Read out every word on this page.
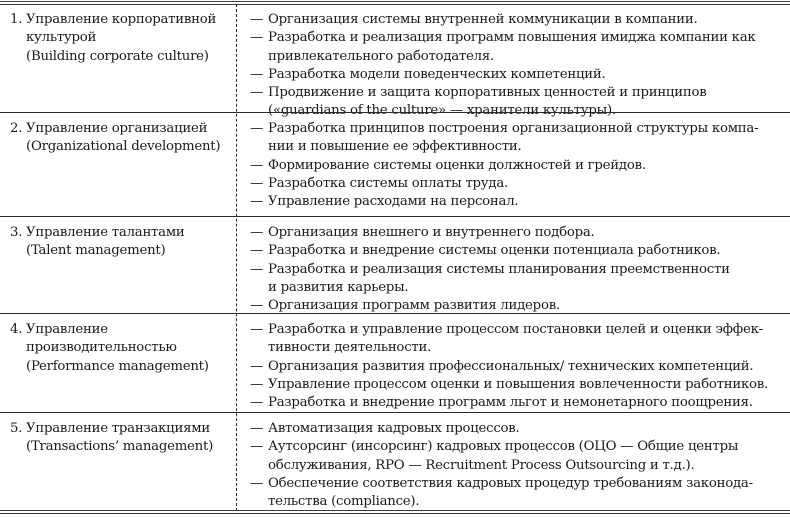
1. Управление корпоративной
культурой
(Building corporate culture)
— Организация системы внутренней коммуникации в компании.
— Разработка и реализация программ повышения имиджа компании как
привлекательного работодателя.
— Разработка модели поведенческих компетенций.
— Продвижение и защита корпоративных ценностей и принципов
(«guardians of the culture» — хранители культуры).
2. Управление организацией
(Organizational development)
— Разработка принципов построения организационной структуры компа-
нии и повышение ее эффективности.
— Формирование системы оценки должностей и грейдов.
— Разработка системы оплаты труда.
— Управление расходами на персонал.
3. Управление талантами
(Talent management)
— Организация внешнего и внутреннего подбора.
— Разработка и внедрение системы оценки потенциала работников.
— Разработка и реализация системы планирования преемственности
и развития карьеры.
— Организация программ развития лидеров.
4. Управление
производительностью
(Performance management)
— Разработка и управление процессом постановки целей и оценки эффек-
тивности деятельности.
— Организация развития профессиональных/ технических компетенций.
— Управление процессом оценки и повышения вовлеченности работников.
— Разработка и внедрение программ льгот и немонетарного поощрения.
5. Управление транзакциями
(Transactions’ management)
— Автоматизация кадровых процессов.
— Аутсорсинг (инсорсинг) кадровых процессов (ОЦО — Общие центры
обслуживания, RPO — Recruitment Process Outsourcing и т.д.).
— Обеспечение соответствия кадровых процедур требованиям законода-
тельства (compliance).
